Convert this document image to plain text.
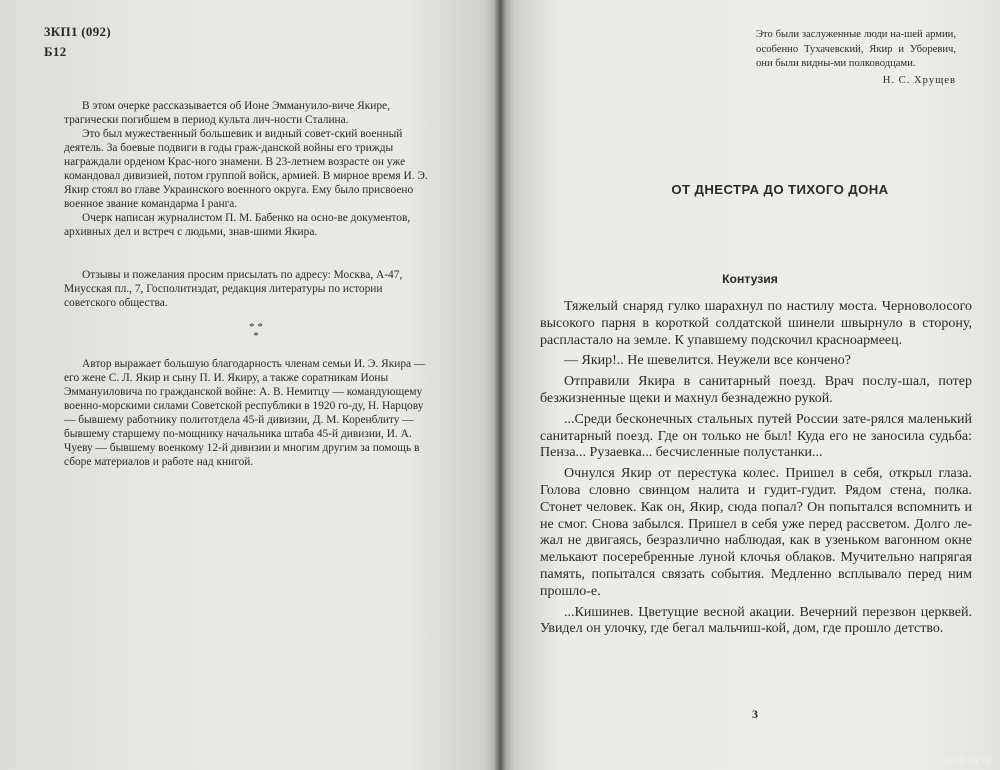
3КП1 (092)
Б12

В этом очерке рассказывается об Ионе Эммануило-вичe Якире, трагически погибшем в период культа лич-ности Сталина.

Это был мужественный большевик и видный совет-ский военный деятель. За боевые подвиги в годы граж-данской войны его трижды награждали орденом Крас-ного знамени. В 23-летнем возрасте он уже командовал дивизией, потом группой войск, армией. В мирное время И. Э. Якир стоял во главе Украинского военного округа. Ему было присвоено военное звание командарма I ранга.

Очерк написан журналистом П. М. Бабенко на осно-ве документов, архивных дел и встреч с людьми, знав-шими Якира.

Отзывы и пожелания просим присылать по адресу: Москва, А-47, Миусская пл., 7, Госполитиздат, редакция литературы по истории советского общества.

* *
*

Автор выражает большую благодарность членам семьи И. Э. Якира — его жене С. Л. Якир и сыну П. И. Якиру, а также соратникам Ионы Эммануиловича по гражданской войне: А. В. Немитцу — командующему военно-морскими силами Советской республики в 1920 го-ду, Н. Нарцову — бывшему работнику политотдела 45-й дивизии, Д. М. Коренблиту — бывшему старшему по-мощнику начальника штаба 45-й дивизии, И. А. Чуеву — бывшему военкому 12-й дивизии и многим другим за помощь в сборе материалов и работе над книгой.

Это были заслуженные люди на-шей армии, особенно Тухачевский, Якир и Уборевич, они были видны-ми полководцами.
Н. С. Хрущев
ОТ ДНЕСТРА ДО ТИХОГО ДОНА
Контузия

Тяжелый снаряд гулко шарахнул по настилу моста. Черноволосого высокого парня в короткой солдатской шинели швырнуло в сторону, распласталo на земле. К упавшему подскочил красноармеец.

— Якир!.. Не шевелится. Неужели все кончено?

Отправили Якира в санитарный поезд. Врач послу-шал, потер безжизненные щеки и махнул безнадежно рукой.

...Среди бесконечных стальных путей России зате-рялся маленький санитарный поезд. Где он только не был! Куда его не заносила судьба: Пенза... Рузаевка... бесчисленные полустанки...

Очнулся Якир от перестука колес. Пришел в себя, открыл глаза. Голова словно свинцом налита и гудит-гудит. Рядом стена, полка. Стонет человек. Как он, Якир, сюда попал? Он попытался вспомнить и не смог. Снова забылся. Пришел в себя уже перед рассветом. Долго ле-жал не двигаясь, безразлично наблюдая, как в узеньком вагонном окне мелькают посеребренные луной клочья облаков. Мучительно напрягая память, попытался связать события. Медленно всплывало перед ним прошло-е.

...Кишинев. Цветущие весной акации. Вечерний перезвон церквей. Увидел он улочку, где бегал мальчиш-кой, дом, где прошло детство.

3
www.ay.by
